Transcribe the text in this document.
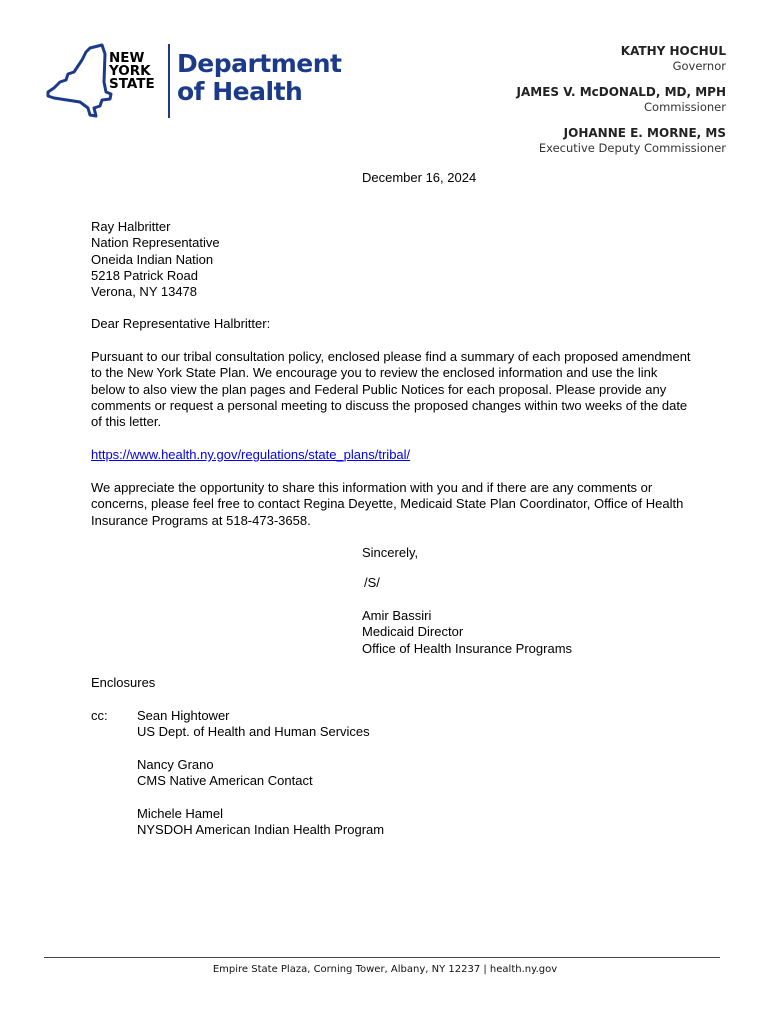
NEW
YORK
STATE
Department
of Health
KATHY HOCHUL
Governor
JAMES V. McDONALD, MD, MPH
Commissioner
JOHANNE E. MORNE, MS
Executive Deputy Commissioner
December 16, 2024
Ray Halbritter
Nation Representative
Oneida Indian Nation
5218 Patrick Road
Verona, NY 13478
Dear Representative Halbritter:
Pursuant to our tribal consultation policy, enclosed please find a summary of each proposed amendment to the New York State Plan. We encourage you to review the enclosed information and use the link below to also view the plan pages and Federal Public Notices for each proposal. Please provide any comments or request a personal meeting to discuss the proposed changes within two weeks of the date of this letter.
https://www.health.ny.gov/regulations/state_plans/tribal/
We appreciate the opportunity to share this information with you and if there are any comments or concerns, please feel free to contact Regina Deyette, Medicaid State Plan Coordinator, Office of Health Insurance Programs at 518-473-3658.
Sincerely,
/S/
Amir Bassiri
Medicaid Director
Office of Health Insurance Programs
Enclosures
cc: Sean Hightower
US Dept. of Health and Human Services
Nancy Grano
CMS Native American Contact
Michele Hamel
NYSDOH American Indian Health Program
Empire State Plaza, Corning Tower, Albany, NY 12237 | health.ny.gov
